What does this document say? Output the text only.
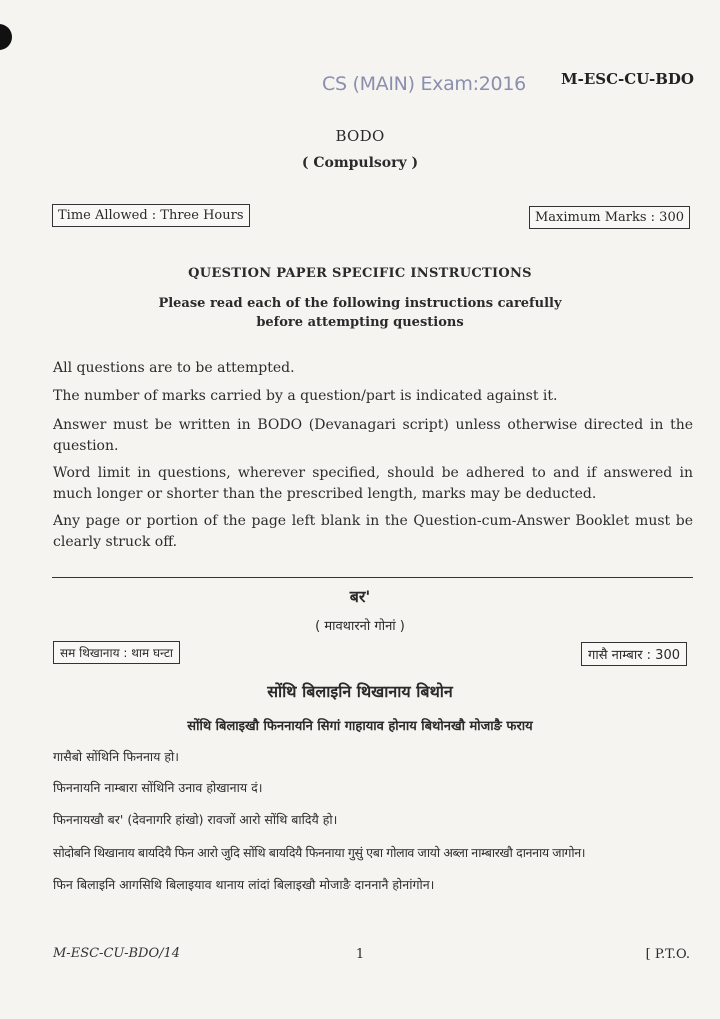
CS (MAIN) Exam:2016 M-ESC-CU-BDO
BODO
( Compulsory )
Time Allowed : Three Hours	Maximum Marks : 300
QUESTION PAPER SPECIFIC INSTRUCTIONS
Please read each of the following instructions carefully
before attempting questions
All questions are to be attempted.
The number of marks carried by a question/part is indicated against it.
Answer must be written in BODO (Devanagari script) unless otherwise directed in the question.
Word limit in questions, wherever specified, should be adhered to and if answered in much longer or shorter than the prescribed length, marks may be deducted.
Any page or portion of the page left blank in the Question-cum-Answer Booklet must be clearly struck off.
बर'
( मावथारनो गोनां )
सम थिखानाय : थाम घन्टा	गासै नाम्बार : 300
सोंथि बिलाइनि थिखानाय बिथोन
सोंथि बिलाइखौ फिननायनि सिगां गाहायाव होनाय बिथोनखौ मोजाङै फराय
गासैबो सोंथिनि फिननाय हो।
फिननायनि नाम्बारा सोंथिनि उनाव होखानाय दं।
फिननायखौ बर' (देवनागरि हांखो) रावजों आरो सोंथि बादियै हो।
सोदोबनि थिखानाय बायदियै फिन आरो जुदि सोंथि बायदियै फिननाया गुसुं एबा गोलाव जायो अब्ला नाम्बारखौ दाननाय जागोन।
फिन बिलाइनि आगसिथि बिलाइयाव थानाय लांदां बिलाइखौ मोजाङै दाननानै होनांगोन।
M-ESC-CU-BDO/14	1	[ P.T.O.
